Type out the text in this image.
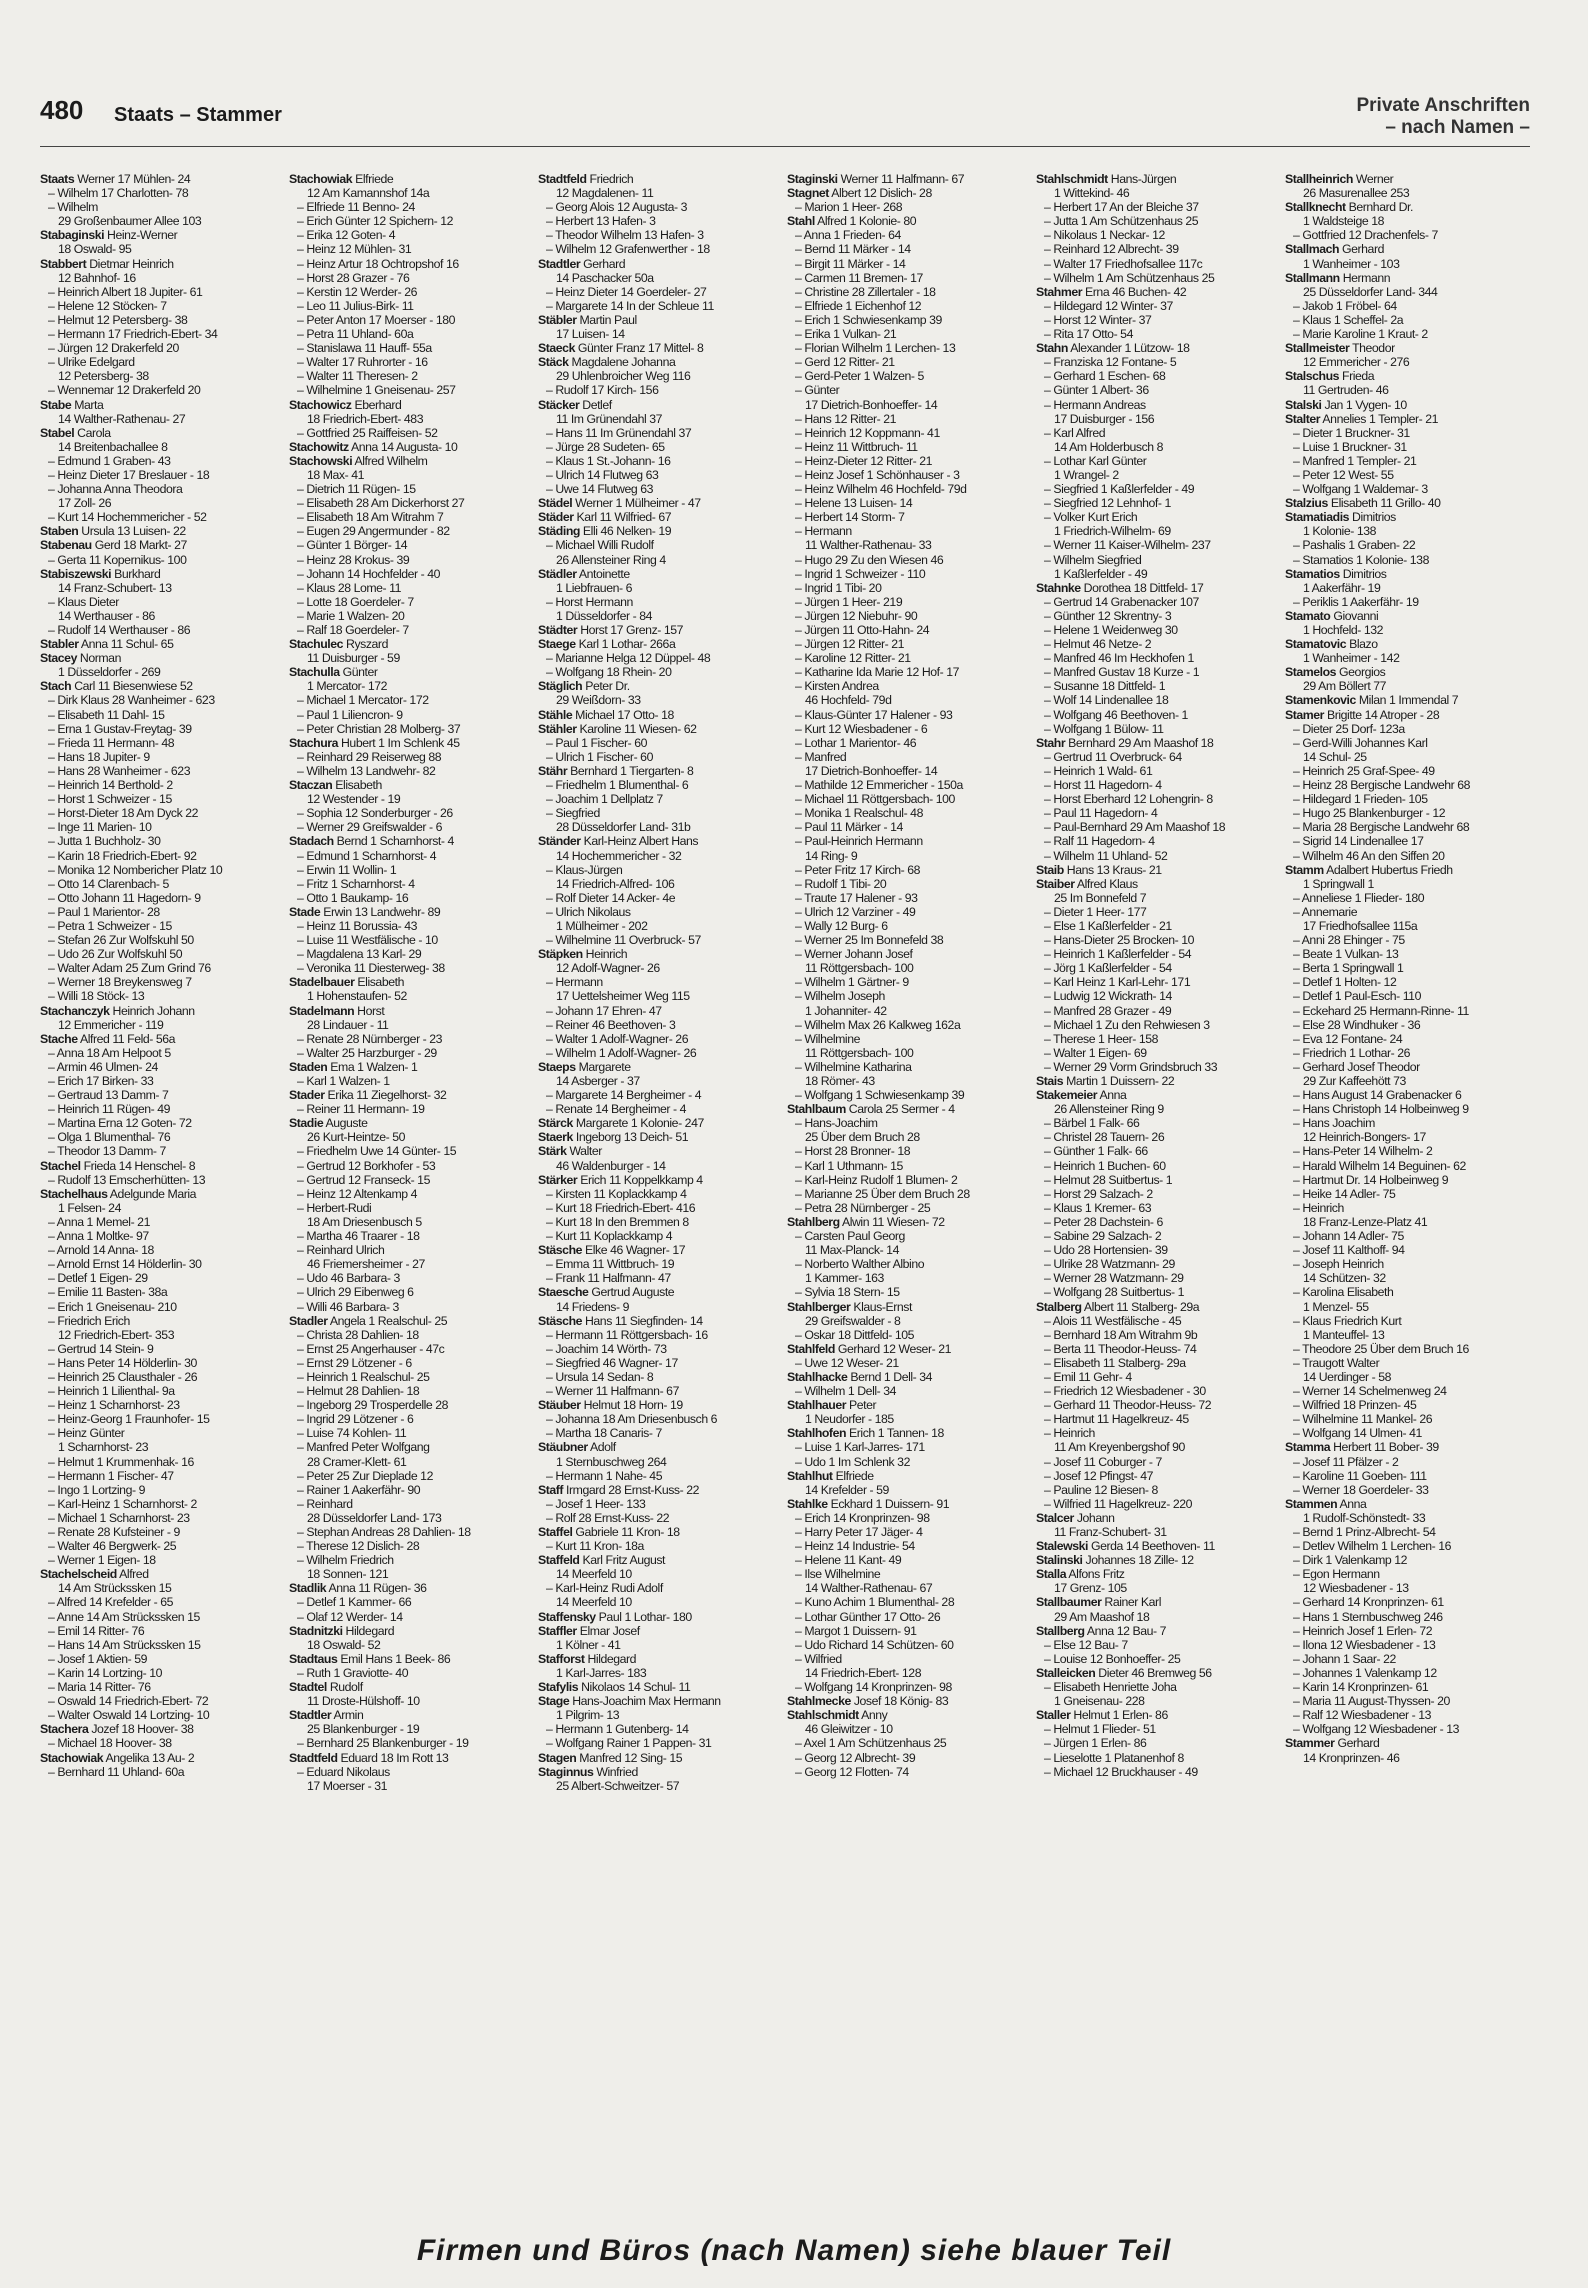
480 Staats – Stammer	Private Anschriften
– nach Namen –
Staats Werner 17 Mühlen- 24
– Wilhelm 17 Charlotten- 78
– Wilhelm
29 Großenbaumer Allee 103
Stabaginski Heinz-Werner
18 Oswald- 95
Stabbert Dietmar Heinrich
12 Bahnhof- 16
– Heinrich Albert 18 Jupiter- 61
– Helene 12 Stöcken- 7
– Helmut 12 Petersberg- 38
– Hermann 17 Friedrich-Ebert- 34
– Jürgen 12 Drakerfeld 20
– Ulrike Edelgard
12 Petersberg- 38
– Wennemar 12 Drakerfeld 20
Stabe Marta
14 Walther-Rathenau- 27
Stabel Carola
14 Breitenbachallee 8
– Edmund 1 Graben- 43
– Heinz Dieter 17 Breslauer - 18
– Johanna Anna Theodora
17 Zoll- 26
– Kurt 14 Hochemmericher - 52
Staben Ursula 13 Luisen- 22
Stabenau Gerd 18 Markt- 27
– Gerta 11 Kopernikus- 100
Stabiszewski Burkhard
14 Franz-Schubert- 13
– Klaus Dieter
14 Werthauser - 86
– Rudolf 14 Werthauser - 86
Stabler Anna 11 Schul- 65
Stacey Norman
1 Düsseldorfer - 269
Stach Carl 11 Biesenwiese 52
– Dirk Klaus 28 Wanheimer - 623
– Elisabeth 11 Dahl- 15
– Erna 1 Gustav-Freytag- 39
– Frieda 11 Hermann- 48
– Hans 18 Jupiter- 9
– Hans 28 Wanheimer - 623
– Heinrich 14 Berthold- 2
– Horst 1 Schweizer - 15
– Horst-Dieter 18 Am Dyck 22
– Inge 11 Marien- 10
– Jutta 1 Buchholz- 30
– Karin 18 Friedrich-Ebert- 92
– Monika 12 Nombericher Platz 10
– Otto 14 Clarenbach- 5
– Otto Johann 11 Hagedorn- 9
– Paul 1 Marientor- 28
– Petra 1 Schweizer - 15
– Stefan 26 Zur Wolfskuhl 50
– Udo 26 Zur Wolfskuhl 50
– Walter Adam 25 Zum Grind 76
– Werner 18 Breykensweg 7
– Willi 18 Stöck- 13
Stachanczyk Heinrich Johann
12 Emmericher - 119
Stache Alfred 11 Feld- 56a
– Anna 18 Am Helpoot 5
– Armin 46 Ulmen- 24
– Erich 17 Birken- 33
– Gertraud 13 Damm- 7
– Heinrich 11 Rügen- 49
– Martina Erna 12 Goten- 72
– Olga 1 Blumenthal- 76
– Theodor 13 Damm- 7
Stachel Frieda 14 Henschel- 8
– Rudolf 13 Emscherhütten- 13
Stachelhaus Adelgunde Maria
1 Felsen- 24
– Anna 1 Memel- 21
– Anna 1 Moltke- 97
– Arnold 14 Anna- 18
– Arnold Ernst 14 Hölderlin- 30
– Detlef 1 Eigen- 29
– Emilie 11 Basten- 38a
– Erich 1 Gneisenau- 210
– Friedrich Erich
12 Friedrich-Ebert- 353
– Gertrud 14 Stein- 9
– Hans Peter 14 Hölderlin- 30
– Heinrich 25 Clausthaler - 26
– Heinrich 1 Lilienthal- 9a
– Heinz 1 Scharnhorst- 23
– Heinz-Georg 1 Fraunhofer- 15
– Heinz Günter
1 Scharnhorst- 23
– Helmut 1 Krummenhak- 16
– Hermann 1 Fischer- 47
– Ingo 1 Lortzing- 9
– Karl-Heinz 1 Scharnhorst- 2
– Michael 1 Scharnhorst- 23
– Renate 28 Kufsteiner - 9
– Walter 46 Bergwerk- 25
– Werner 1 Eigen- 18
Stachelscheid Alfred
14 Am Strückssken 15
– Alfred 14 Krefelder - 65
– Anne 14 Am Strückssken 15
– Emil 14 Ritter- 76
– Hans 14 Am Strückssken 15
– Josef 1 Aktien- 59
– Karin 14 Lortzing- 10
– Maria 14 Ritter- 76
– Oswald 14 Friedrich-Ebert- 72
– Walter Oswald 14 Lortzing- 10
Stachera Jozef 18 Hoover- 38
– Michael 18 Hoover- 38
Stachowiak Angelika 13 Au- 2
– Bernhard 11 Uhland- 60a
Stachowiak Elfriede
12 Am Kamannshof 14a
– Elfriede 11 Benno- 24
– Erich Günter 12 Spichern- 12
– Erika 12 Goten- 4
– Heinz 12 Mühlen- 31
– Heinz Artur 18 Ochtropshof 16
– Horst 28 Grazer - 76
– Kerstin 12 Werder- 26
– Leo 11 Julius-Birk- 11
– Peter Anton 17 Moerser - 180
– Petra 11 Uhland- 60a
– Stanislawa 11 Hauff- 55a
– Walter 17 Ruhrorter - 16
– Walter 11 Theresen- 2
– Wilhelmine 1 Gneisenau- 257
Stachowicz Eberhard
18 Friedrich-Ebert- 483
– Gottfried 25 Raiffeisen- 52
Stachowitz Anna 14 Augusta- 10
Stachowski Alfred Wilhelm
18 Max- 41
– Dietrich 11 Rügen- 15
– Elisabeth 28 Am Dickerhorst 27
– Elisabeth 18 Am Witrahm 7
– Eugen 29 Angermunder - 82
– Günter 1 Börger- 14
– Heinz 28 Krokus- 39
– Johann 14 Hochfelder - 40
– Klaus 28 Lome- 11
– Lotte 18 Goerdeler- 7
– Marie 1 Walzen- 20
– Ralf 18 Goerdeler- 7
Stachulec Ryszard
11 Duisburger - 59
Stachulla Günter
1 Mercator- 172
– Michael 1 Mercator- 172
– Paul 1 Liliencron- 9
– Peter Christian 28 Molberg- 37
Stachura Hubert 1 Im Schlenk 45
– Reinhard 29 Reiserweg 88
– Wilhelm 13 Landwehr- 82
Staczan Elisabeth
12 Westender - 19
– Sophia 12 Sonderburger - 26
– Werner 29 Greifswalder - 6
Stadach Bernd 1 Scharnhorst- 4
– Edmund 1 Scharnhorst- 4
– Erwin 11 Wollin- 1
– Fritz 1 Scharnhorst- 4
– Otto 1 Baukamp- 16
Stade Erwin 13 Landwehr- 89
– Heinz 11 Borussia- 43
– Luise 11 Westfälische - 10
– Magdalena 13 Karl- 29
– Veronika 11 Diesterweg- 38
Stadelbauer Elisabeth
1 Hohenstaufen- 52
Stadelmann Horst
28 Lindauer - 11
– Renate 28 Nürnberger - 23
– Walter 25 Harzburger - 29
Staden Ema 1 Walzen- 1
– Karl 1 Walzen- 1
Stader Erika 11 Ziegelhorst- 32
– Reiner 11 Hermann- 19
Stadie Auguste
26 Kurt-Heintze- 50
– Friedhelm Uwe 14 Günter- 15
– Gertrud 12 Borkhofer - 53
– Gertrud 12 Franseck- 15
– Heinz 12 Altenkamp 4
– Herbert-Rudi
18 Am Driesenbusch 5
– Martha 46 Traarer - 18
– Reinhard Ulrich
46 Friemersheimer - 27
– Udo 46 Barbara- 3
– Ulrich 29 Eibenweg 6
– Willi 46 Barbara- 3
Stadler Angela 1 Realschul- 25
– Christa 28 Dahlien- 18
– Ernst 25 Angerhauser - 47c
– Ernst 29 Lötzener - 6
– Heinrich 1 Realschul- 25
– Helmut 28 Dahlien- 18
– Ingeborg 29 Trosperdelle 28
– Ingrid 29 Lötzener - 6
– Luise 74 Kohlen- 11
– Manfred Peter Wolfgang
28 Cramer-Klett- 61
– Peter 25 Zur Dieplade 12
– Rainer 1 Aakerfähr- 90
– Reinhard
28 Düsseldorfer Land- 173
– Stephan Andreas 28 Dahlien- 18
– Therese 12 Dislich- 28
– Wilhelm Friedrich
18 Sonnen- 121
Stadlik Anna 11 Rügen- 36
– Detlef 1 Kammer- 66
– Olaf 12 Werder- 14
Stadnitzki Hildegard
18 Oswald- 52
Stadtaus Emil Hans 1 Beek- 86
– Ruth 1 Graviotte- 40
Stadtel Rudolf
11 Droste-Hülshoff- 10
Stadtler Armin
25 Blankenburger - 19
– Bernhard 25 Blankenburger - 19
Stadtfeld Eduard 18 Im Rott 13
– Eduard Nikolaus
17 Moerser - 31
Stadtfeld Friedrich
12 Magdalenen- 11
– Georg Alois 12 Augusta- 3
– Herbert 13 Hafen- 3
– Theodor Wilhelm 13 Hafen- 3
– Wilhelm 12 Grafenwerther - 18
Stadtler Gerhard
14 Paschacker 50a
– Heinz Dieter 14 Goerdeler- 27
– Margarete 14 In der Schleue 11
Stäbler Martin Paul
17 Luisen- 14
Staeck Günter Franz 17 Mittel- 8
Stäck Magdalene Johanna
29 Uhlenbroicher Weg 116
– Rudolf 17 Kirch- 156
Stäcker Detlef
11 Im Grünendahl 37
– Hans 11 Im Grünendahl 37
– Jürge 28 Sudeten- 65
– Klaus 1 St.-Johann- 16
– Ulrich 14 Flutweg 63
– Uwe 14 Flutweg 63
Städel Werner 1 Mülheimer - 47
Städer Karl 11 Wilfried- 67
Städing Elli 46 Nelken- 19
– Michael Willi Rudolf
26 Allensteiner Ring 4
Städler Antoinette
1 Liebfrauen- 6
– Horst Hermann
1 Düsseldorfer - 84
Städter Horst 17 Grenz- 157
Staege Karl 1 Lothar- 266a
– Marianne Helga 12 Düppel- 48
– Wolfgang 18 Rhein- 20
Stäglich Peter Dr.
29 Weißdorn- 33
Stähle Michael 17 Otto- 18
Stähler Karoline 11 Wiesen- 62
– Paul 1 Fischer- 60
– Ulrich 1 Fischer- 60
Stähr Bernhard 1 Tiergarten- 8
– Friedhelm 1 Blumenthal- 6
– Joachim 1 Dellplatz 7
– Siegfried
28 Düsseldorfer Land- 31b
Ständer Karl-Heinz Albert Hans
14 Hochemmericher - 32
– Klaus-Jürgen
14 Friedrich-Alfred- 106
– Rolf Dieter 14 Acker- 4e
– Ulrich Nikolaus
1 Mülheimer - 202
– Wilhelmine 11 Overbruck- 57
Stäpken Heinrich
12 Adolf-Wagner- 26
– Hermann
17 Uettelsheimer Weg 115
– Johann 17 Ehren- 47
– Reiner 46 Beethoven- 3
– Walter 1 Adolf-Wagner- 26
– Wilhelm 1 Adolf-Wagner- 26
Staeps Margarete
14 Asberger - 37
– Margarete 14 Bergheimer - 4
– Renate 14 Bergheimer - 4
Stärck Margarete 1 Kolonie- 247
Staerk Ingeborg 13 Deich- 51
Stärk Walter
46 Waldenburger - 14
Stärker Erich 11 Koppelkkamp 4
– Kirsten 11 Koplackkamp 4
– Kurt 18 Friedrich-Ebert- 416
– Kurt 18 In den Bremmen 8
– Kurt 11 Koplackkamp 4
Stäsche Elke 46 Wagner- 17
– Emma 11 Wittbruch- 19
– Frank 11 Halfmann- 47
Staesche Gertrud Auguste
14 Friedens- 9
Stäsche Hans 11 Siegfinden- 14
– Hermann 11 Röttgersbach- 16
– Joachim 14 Wörth- 73
– Siegfried 46 Wagner- 17
– Ursula 14 Sedan- 8
– Werner 11 Halfmann- 67
Stäuber Helmut 18 Horn- 19
– Johanna 18 Am Driesenbusch 6
– Martha 18 Canaris- 7
Stäubner Adolf
1 Sternbuschweg 264
– Hermann 1 Nahe- 45
Staff Irmgard 28 Ernst-Kuss- 22
– Josef 1 Heer- 133
– Rolf 28 Ernst-Kuss- 22
Staffel Gabriele 11 Kron- 18
– Kurt 11 Kron- 18a
Staffeld Karl Fritz August
14 Meerfeld 10
– Karl-Heinz Rudi Adolf
14 Meerfeld 10
Staffensky Paul 1 Lothar- 180
Staffler Elmar Josef
1 Kölner - 41
Stafforst Hildegard
1 Karl-Jarres- 183
Stafylis Nikolaos 14 Schul- 11
Stage Hans-Joachim Max Hermann
1 Pilgrim- 13
– Hermann 1 Gutenberg- 14
– Wolfgang Rainer 1 Pappen- 31
Stagen Manfred 12 Sing- 15
Staginnus Winfried
25 Albert-Schweitzer- 57
Staginski Werner 11 Halfmann- 67
Stagnet Albert 12 Dislich- 28
– Marion 1 Heer- 268
Stahl Alfred 1 Kolonie- 80
– Anna 1 Frieden- 64
– Bernd 11 Märker - 14
– Birgit 11 Märker - 14
– Carmen 11 Bremen- 17
– Christine 28 Zillertaler - 18
– Elfriede 1 Eichenhof 12
– Erich 1 Schwiesenkamp 39
– Erika 1 Vulkan- 21
– Florian Wilhelm 1 Lerchen- 13
– Gerd 12 Ritter- 21
– Gerd-Peter 1 Walzen- 5
– Günter
17 Dietrich-Bonhoeffer- 14
– Hans 12 Ritter- 21
– Heinrich 12 Koppmann- 41
– Heinz 11 Wittbruch- 11
– Heinz-Dieter 12 Ritter- 21
– Heinz Josef 1 Schönhauser - 3
– Heinz Wilhelm 46 Hochfeld- 79d
– Helene 13 Luisen- 14
– Herbert 14 Storm- 7
– Hermann
11 Walther-Rathenau- 33
– Hugo 29 Zu den Wiesen 46
– Ingrid 1 Schweizer - 110
– Ingrid 1 Tibi- 20
– Jürgen 1 Heer- 219
– Jürgen 12 Niebuhr- 90
– Jürgen 11 Otto-Hahn- 24
– Jürgen 12 Ritter- 21
– Karoline 12 Ritter- 21
– Katharine Ida Marie 12 Hof- 17
– Kirsten Andrea
46 Hochfeld- 79d
– Klaus-Günter 17 Halener - 93
– Kurt 12 Wiesbadener - 6
– Lothar 1 Marientor- 46
– Manfred
17 Dietrich-Bonhoeffer- 14
– Mathilde 12 Emmericher - 150a
– Michael 11 Röttgersbach- 100
– Monika 1 Realschul- 48
– Paul 11 Märker - 14
– Paul-Heinrich Hermann
14 Ring- 9
– Peter Fritz 17 Kirch- 68
– Rudolf 1 Tibi- 20
– Traute 17 Halener - 93
– Ulrich 12 Varziner - 49
– Wally 12 Burg- 6
– Werner 25 Im Bonnefeld 38
– Werner Johann Josef
11 Röttgersbach- 100
– Wilhelm 1 Gärtner- 9
– Wilhelm Joseph
1 Johanniter- 42
– Wilhelm Max 26 Kalkweg 162a
– Wilhelmine
11 Röttgersbach- 100
– Wilhelmine Katharina
18 Römer- 43
– Wolfgang 1 Schwiesenkamp 39
Stahlbaum Carola 25 Sermer - 4
– Hans-Joachim
25 Über dem Bruch 28
– Horst 28 Bronner- 18
– Karl 1 Uthmann- 15
– Karl-Heinz Rudolf 1 Blumen- 2
– Marianne 25 Über dem Bruch 28
– Petra 28 Nürnberger - 25
Stahlberg Alwin 11 Wiesen- 72
– Carsten Paul Georg
11 Max-Planck- 14
– Norberto Walther Albino
1 Kammer- 163
– Sylvia 18 Stern- 15
Stahlberger Klaus-Ernst
29 Greifswalder - 8
– Oskar 18 Dittfeld- 105
Stahlfeld Gerhard 12 Weser- 21
– Uwe 12 Weser- 21
Stahlhacke Bernd 1 Dell- 34
– Wilhelm 1 Dell- 34
Stahlhauer Peter
1 Neudorfer - 185
Stahlhofen Erich 1 Tannen- 18
– Luise 1 Karl-Jarres- 171
– Udo 1 Im Schlenk 32
Stahlhut Elfriede
14 Krefelder - 59
Stahlke Eckhard 1 Duissern- 91
– Erich 14 Kronprinzen- 98
– Harry Peter 17 Jäger- 4
– Heinz 14 Industrie- 54
– Helene 11 Kant- 49
– Ilse Wilhelmine
14 Walther-Rathenau- 67
– Kuno Achim 1 Blumenthal- 28
– Lothar Günther 17 Otto- 26
– Margot 1 Duissern- 91
– Udo Richard 14 Schützen- 60
– Wilfried
14 Friedrich-Ebert- 128
– Wolfgang 14 Kronprinzen- 98
Stahlmecke Josef 18 König- 83
Stahlschmidt Anny
46 Gleiwitzer - 10
– Axel 1 Am Schützenhaus 25
– Georg 12 Albrecht- 39
– Georg 12 Flotten- 74
Stahlschmidt Hans-Jürgen
1 Wittekind- 46
– Herbert 17 An der Bleiche 37
– Jutta 1 Am Schützenhaus 25
– Nikolaus 1 Neckar- 12
– Reinhard 12 Albrecht- 39
– Walter 17 Friedhofsallee 117c
– Wilhelm 1 Am Schützenhaus 25
Stahmer Erna 46 Buchen- 42
– Hildegard 12 Winter- 37
– Horst 12 Winter- 37
– Rita 17 Otto- 54
Stahn Alexander 1 Lützow- 18
– Franziska 12 Fontane- 5
– Gerhard 1 Eschen- 68
– Günter 1 Albert- 36
– Hermann Andreas
17 Duisburger - 156
– Karl Alfred
14 Am Holderbusch 8
– Lothar Karl Günter
1 Wrangel- 2
– Siegfried 1 Kaßlerfelder - 49
– Siegfried 12 Lehnhof- 1
– Volker Kurt Erich
1 Friedrich-Wilhelm- 69
– Werner 11 Kaiser-Wilhelm- 237
– Wilhelm Siegfried
1 Kaßlerfelder - 49
Stahnke Dorothea 18 Dittfeld- 17
– Gertrud 14 Grabenacker 107
– Günther 12 Skrentny- 3
– Helene 1 Weidenweg 30
– Helmut 46 Netze- 2
– Manfred 46 Im Heckhofen 1
– Manfred Gustav 18 Kurze - 1
– Susanne 18 Dittfeld- 1
– Wolf 14 Lindenallee 18
– Wolfgang 46 Beethoven- 1
– Wolfgang 1 Bülow- 11
Stahr Bernhard 29 Am Maashof 18
– Gertrud 11 Overbruck- 64
– Heinrich 1 Wald- 61
– Horst 11 Hagedorn- 4
– Horst Eberhard 12 Lohengrin- 8
– Paul 11 Hagedorn- 4
– Paul-Bernhard 29 Am Maashof 18
– Ralf 11 Hagedorn- 4
– Wilhelm 11 Uhland- 52
Staib Hans 13 Kraus- 21
Staiber Alfred Klaus
25 Im Bonnefeld 7
– Dieter 1 Heer- 177
– Else 1 Kaßlerfelder - 21
– Hans-Dieter 25 Brocken- 10
– Heinrich 1 Kaßlerfelder - 54
– Jörg 1 Kaßlerfelder - 54
– Karl Heinz 1 Karl-Lehr- 171
– Ludwig 12 Wickrath- 14
– Manfred 28 Grazer - 49
– Michael 1 Zu den Rehwiesen 3
– Therese 1 Heer- 158
– Walter 1 Eigen- 69
– Werner 29 Vorm Grindsbruch 33
Stais Martin 1 Duissern- 22
Stakemeier Anna
26 Allensteiner Ring 9
– Bärbel 1 Falk- 66
– Christel 28 Tauern- 26
– Günther 1 Falk- 66
– Heinrich 1 Buchen- 60
– Helmut 28 Suitbertus- 1
– Horst 29 Salzach- 2
– Klaus 1 Kremer- 63
– Peter 28 Dachstein- 6
– Sabine 29 Salzach- 2
– Udo 28 Hortensien- 39
– Ulrike 28 Watzmann- 29
– Werner 28 Watzmann- 29
– Wolfgang 28 Suitbertus- 1
Stalberg Albert 11 Stalberg- 29a
– Alois 11 Westfälische - 45
– Bernhard 18 Am Witrahm 9b
– Berta 11 Theodor-Heuss- 74
– Elisabeth 11 Stalberg- 29a
– Emil 11 Gehr- 4
– Friedrich 12 Wiesbadener - 30
– Gerhard 11 Theodor-Heuss- 72
– Hartmut 11 Hagelkreuz- 45
– Heinrich
11 Am Kreyenbergshof 90
– Josef 11 Coburger - 7
– Josef 12 Pfingst- 47
– Pauline 12 Biesen- 8
– Wilfried 11 Hagelkreuz- 220
Stalcer Johann
11 Franz-Schubert- 31
Stalewski Gerda 14 Beethoven- 11
Stalinski Johannes 18 Zille- 12
Stalla Alfons Fritz
17 Grenz- 105
Stallbaumer Rainer Karl
29 Am Maashof 18
Stallberg Anna 12 Bau- 7
– Else 12 Bau- 7
– Louise 12 Bonhoeffer- 25
Stalleicken Dieter 46 Bremweg 56
– Elisabeth Henriette Joha
1 Gneisenau- 228
Staller Helmut 1 Erlen- 86
– Helmut 1 Flieder- 51
– Jürgen 1 Erlen- 86
– Lieselotte 1 Platanenhof 8
– Michael 12 Bruckhauser - 49
Stallheinrich Werner
26 Masurenallee 253
Stallknecht Bernhard Dr.
1 Waldsteige 18
– Gottfried 12 Drachenfels- 7
Stallmach Gerhard
1 Wanheimer - 103
Stallmann Hermann
25 Düsseldorfer Land- 344
– Jakob 1 Fröbel- 64
– Klaus 1 Scheffel- 2a
– Marie Karoline 1 Kraut- 2
Stallmeister Theodor
12 Emmericher - 276
Stalschus Frieda
11 Gertruden- 46
Stalski Jan 1 Vygen- 10
Stalter Annelies 1 Templer- 21
– Dieter 1 Bruckner- 31
– Luise 1 Bruckner- 31
– Manfred 1 Templer- 21
– Peter 12 West- 55
– Wolfgang 1 Waldemar- 3
Stalzius Elisabeth 11 Grillo- 40
Stamatiadis Dimitrios
1 Kolonie- 138
– Pashalis 1 Graben- 22
– Stamatios 1 Kolonie- 138
Stamatios Dimitrios
1 Aakerfähr- 19
– Periklis 1 Aakerfähr- 19
Stamato Giovanni
1 Hochfeld- 132
Stamatovic Blazo
1 Wanheimer - 142
Stamelos Georgios
29 Am Böllert 77
Stamenkovic Milan 1 Immendal 7
Stamer Brigitte 14 Atroper - 28
– Dieter 25 Dorf- 123a
– Gerd-Willi Johannes Karl
14 Schul- 25
– Heinrich 25 Graf-Spee- 49
– Heinz 28 Bergische Landwehr 68
– Hildegard 1 Frieden- 105
– Hugo 25 Blankenburger - 12
– Maria 28 Bergische Landwehr 68
– Sigrid 14 Lindenallee 17
– Wilhelm 46 An den Siffen 20
Stamm Adalbert Hubertus Friedh
1 Springwall 1
– Anneliese 1 Flieder- 180
– Annemarie
17 Friedhofsallee 115a
– Anni 28 Ehinger - 75
– Beate 1 Vulkan- 13
– Berta 1 Springwall 1
– Detlef 1 Holten- 12
– Detlef 1 Paul-Esch- 110
– Eckehard 25 Hermann-Rinne- 11
– Else 28 Windhuker - 36
– Eva 12 Fontane- 24
– Friedrich 1 Lothar- 26
– Gerhard Josef Theodor
29 Zur Kaffeehött 73
– Hans August 14 Grabenacker 6
– Hans Christoph 14 Holbeinweg 9
– Hans Joachim
12 Heinrich-Bongers- 17
– Hans-Peter 14 Wilhelm- 2
– Harald Wilhelm 14 Beguinen- 62
– Hartmut Dr. 14 Holbeinweg 9
– Heike 14 Adler- 75
– Heinrich
18 Franz-Lenze-Platz 41
– Johann 14 Adler- 75
– Josef 11 Kalthoff- 94
– Joseph Heinrich
14 Schützen- 32
– Karolina Elisabeth
1 Menzel- 55
– Klaus Friedrich Kurt
1 Manteuffel- 13
– Theodore 25 Über dem Bruch 16
– Traugott Walter
14 Uerdinger - 58
– Werner 14 Schelmenweg 24
– Wilfried 18 Prinzen- 45
– Wilhelmine 11 Mankel- 26
– Wolfgang 14 Ulmen- 41
Stamma Herbert 11 Bober- 39
– Josef 11 Pfälzer - 2
– Karoline 11 Goeben- 111
– Werner 18 Goerdeler- 33
Stammen Anna
1 Rudolf-Schönstedt- 33
– Bernd 1 Prinz-Albrecht- 54
– Detlev Wilhelm 1 Lerchen- 16
– Dirk 1 Valenkamp 12
– Egon Hermann
12 Wiesbadener - 13
– Gerhard 14 Kronprinzen- 61
– Hans 1 Sternbuschweg 246
– Heinrich Josef 1 Erlen- 72
– Ilona 12 Wiesbadener - 13
– Johann 1 Saar- 22
– Johannes 1 Valenkamp 12
– Karin 14 Kronprinzen- 61
– Maria 11 August-Thyssen- 20
– Ralf 12 Wiesbadener - 13
– Wolfgang 12 Wiesbadener - 13
Stammer Gerhard
14 Kronprinzen- 46
Firmen und Büros (nach Namen) siehe blauer Teil
